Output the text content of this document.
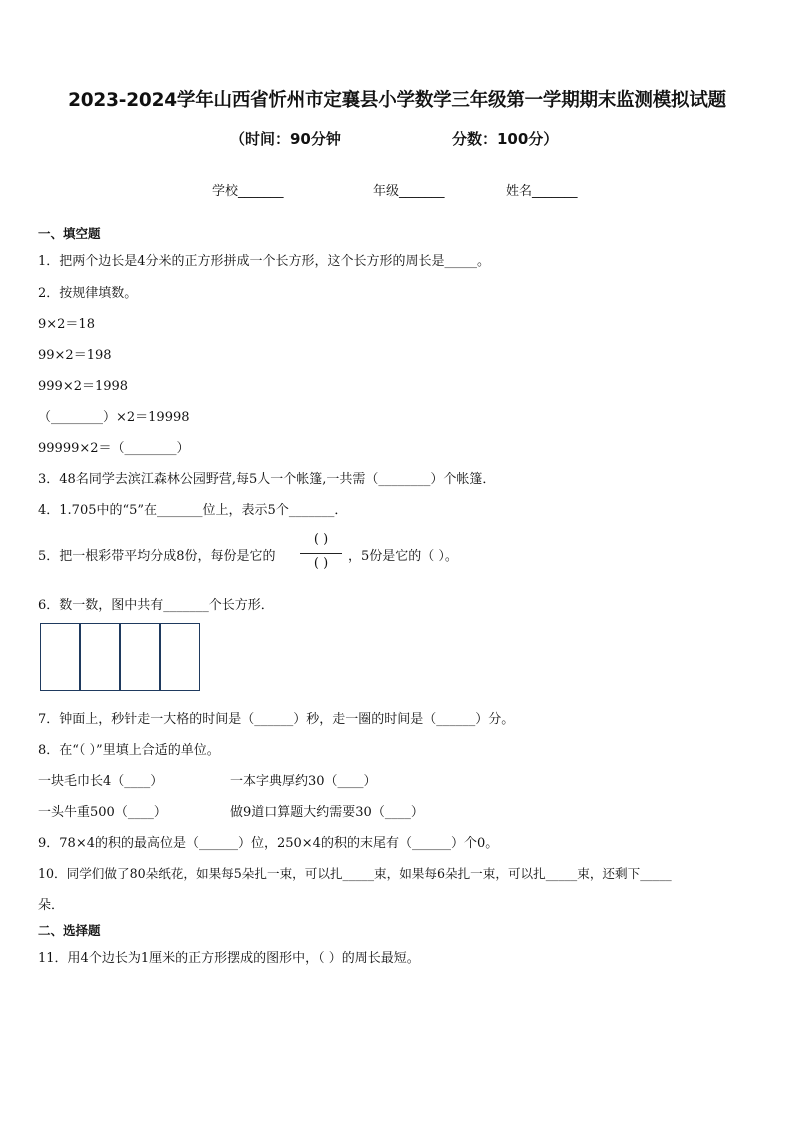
2023-2024学年山西省忻州市定襄县小学数学三年级第一学期期末监测模拟试题
（时间：90分钟	分数：100分）
学校_______	年级_______	姓名_______
一、填空题
1．把两个边长是4分米的正方形拼成一个长方形，这个长方形的周长是_____。
2．按规律填数。
9×2＝18
99×2＝198
999×2＝1998
（________）×2＝19998
99999×2＝（________）
3．48名同学去滨江森林公园野营,每5人一个帐篷,一共需（________）个帐篷．
4．1.705中的“5”在_______位上，表示5个_______．
5．把一根彩带平均分成8份，每份是它的
( )
( )	，5份是它的（ ）。
6．数一数，图中共有_______个长方形．
7．钟面上，秒针走一大格的时间是（______）秒，走一圈的时间是（______）分。
8．在“（ ）”里填上合适的单位。
一块毛巾长4（____）	一本字典厚约30（____）
一头牛重500（____）	做9道口算题大约需要30（____）
9．78×4的积的最高位是（______）位，250×4的积的末尾有（______）个0。
10．同学们做了80朵纸花，如果每5朵扎一束，可以扎_____束，如果每6朵扎一束，可以扎_____束，还剩下_____
朵．
二、选择题
11．用4个边长为1厘米的正方形摆成的图形中，（ ）的周长最短。
